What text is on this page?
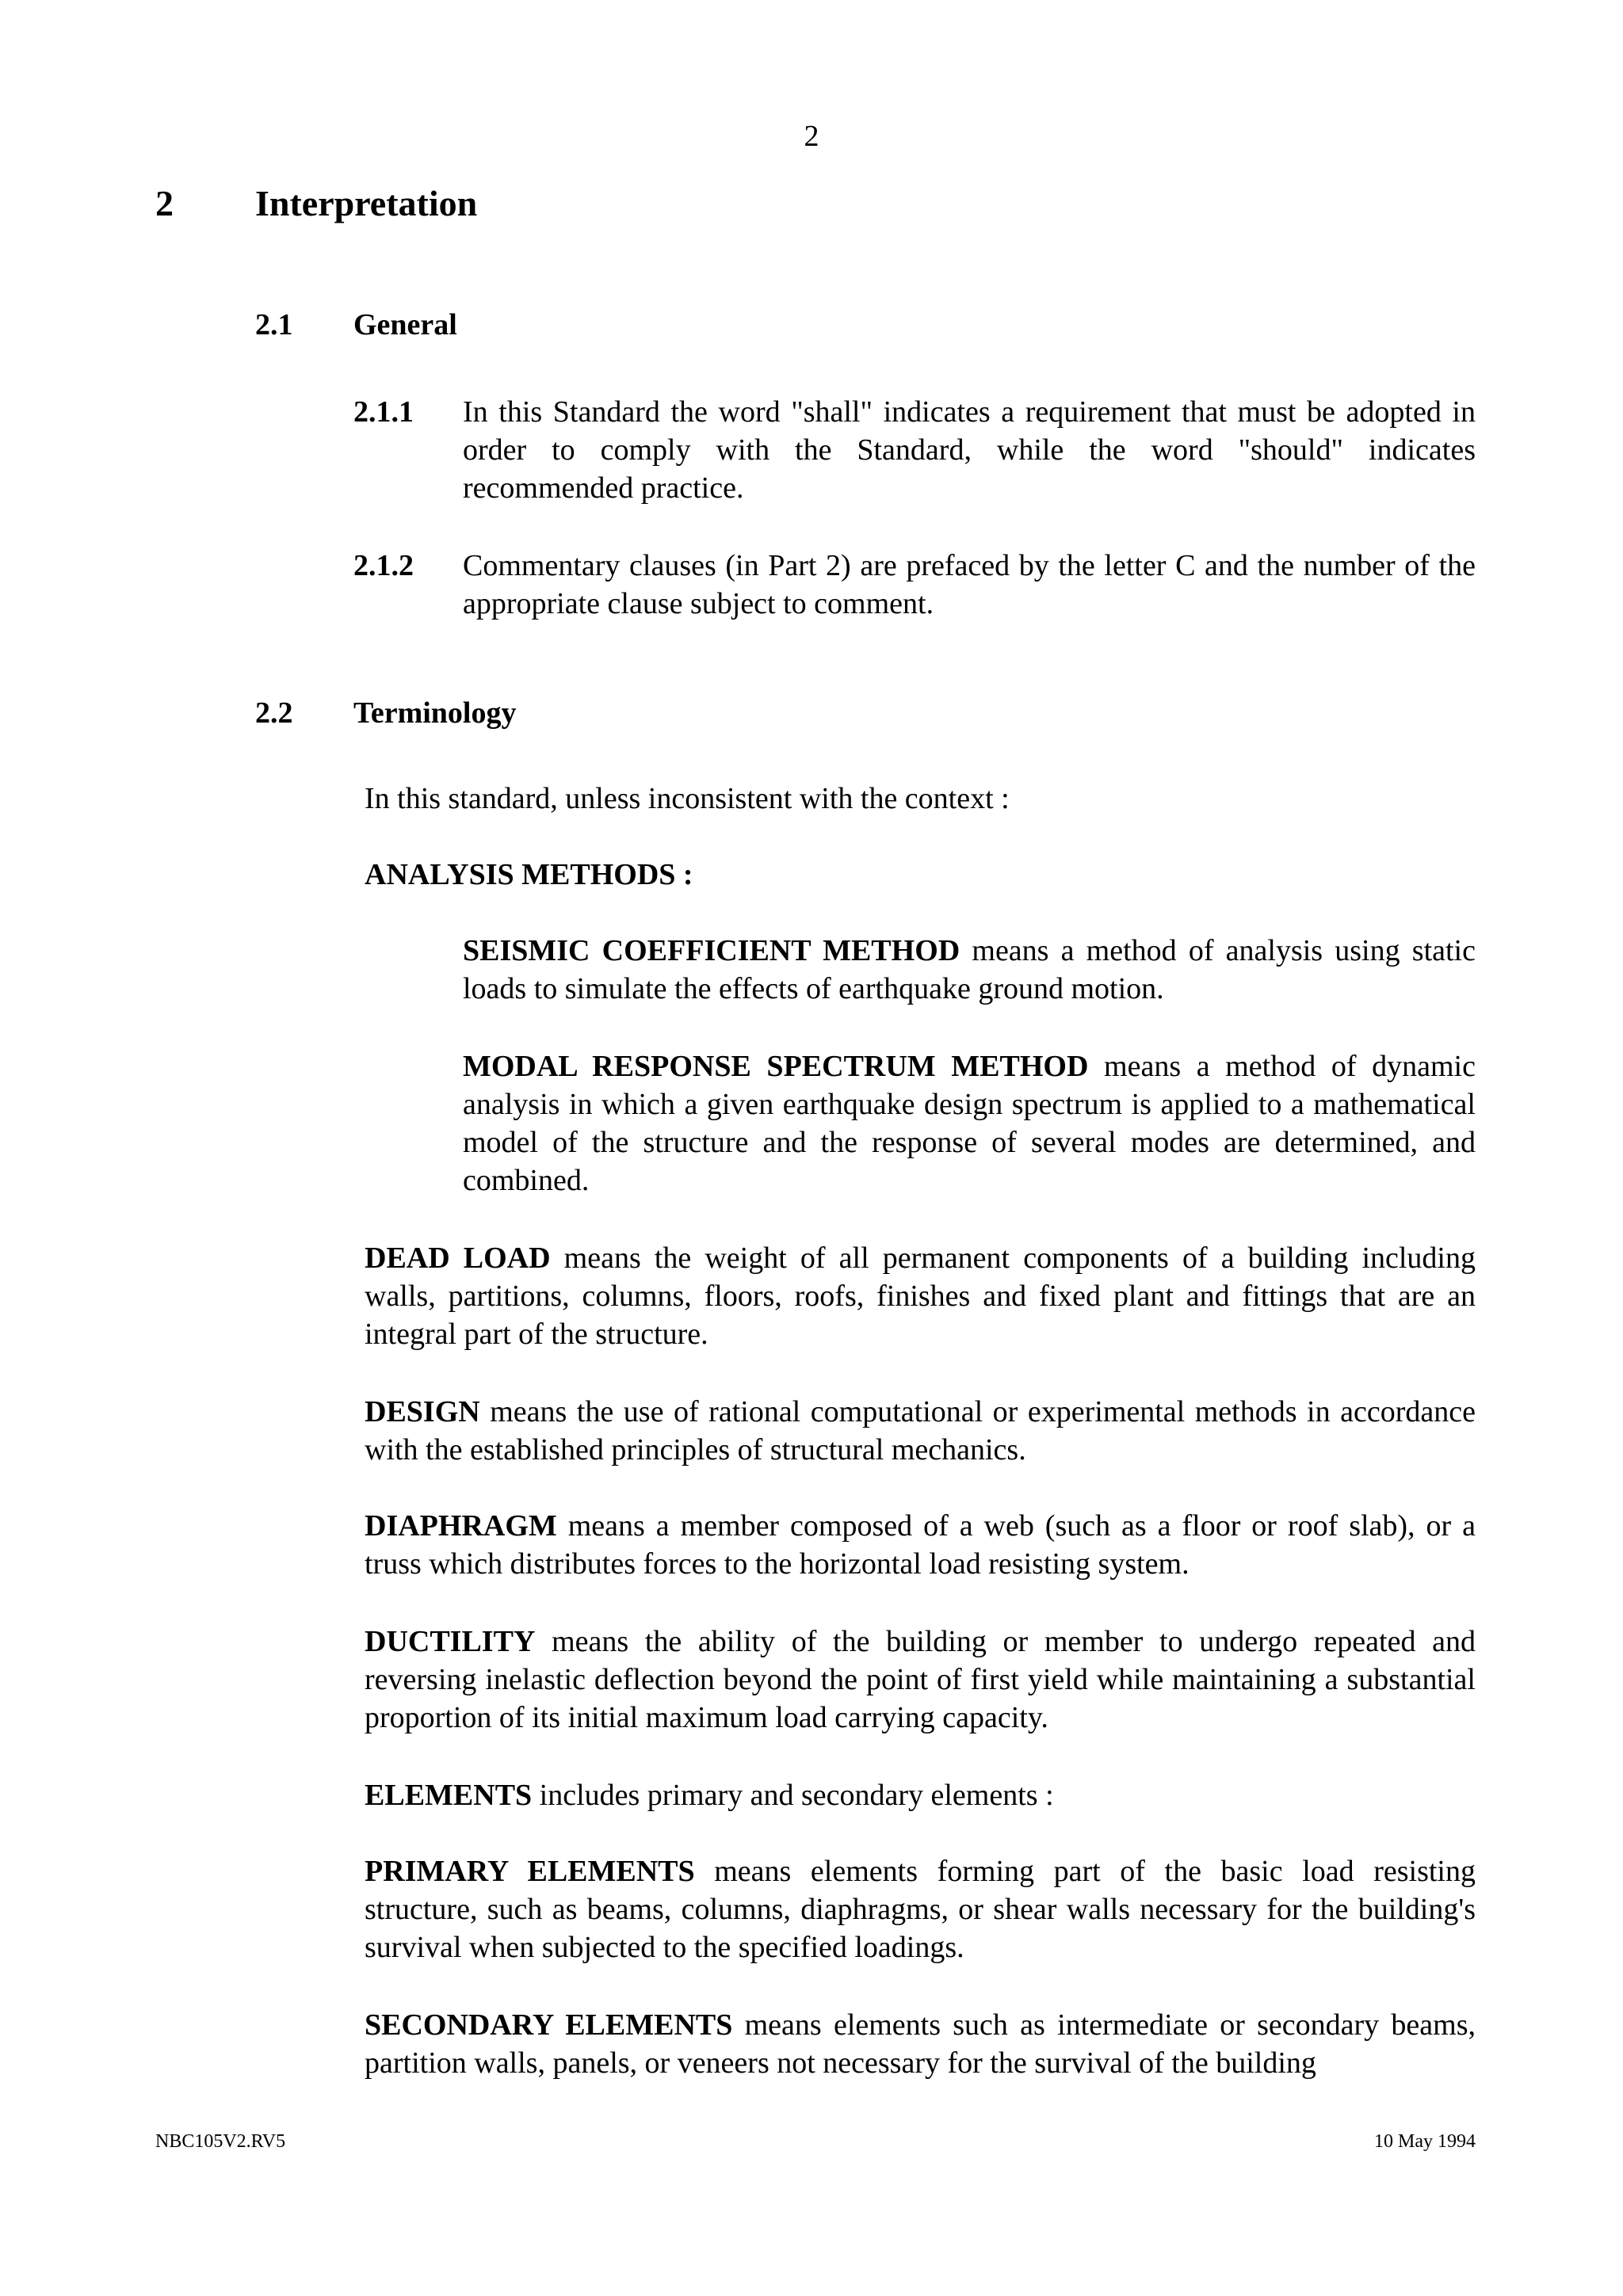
2
2 Interpretation
2.1 General
2.1.1 In this Standard the word "shall" indicates a requirement that must be adopted in order to comply with the Standard, while the word "should" indicates recommended practice.

2.1.2 Commentary clauses (in Part 2) are prefaced by the letter C and the number of the appropriate clause subject to comment.

2.2 Terminology

In this standard, unless inconsistent with the context :

ANALYSIS METHODS :

SEISMIC COEFFICIENT METHOD means a method of analysis using static loads to simulate the effects of earthquake ground motion.

MODAL RESPONSE SPECTRUM METHOD means a method of dynamic analysis in which a given earthquake design spectrum is applied to a mathematical model of the structure and the response of several modes are determined, and combined.

DEAD LOAD means the weight of all permanent components of a building including walls, partitions, columns, floors, roofs, finishes and fixed plant and fittings that are an integral part of the structure.

DESIGN means the use of rational computational or experimental methods in accordance with the established principles of structural mechanics.

DIAPHRAGM means a member composed of a web (such as a floor or roof slab), or a truss which distributes forces to the horizontal load resisting system.

DUCTILITY means the ability of the building or member to undergo repeated and reversing inelastic deflection beyond the point of first yield while maintaining a substantial proportion of its initial maximum load carrying capacity.

ELEMENTS includes primary and secondary elements :

PRIMARY ELEMENTS means elements forming part of the basic load resisting structure, such as beams, columns, diaphragms, or shear walls necessary for the building's survival when subjected to the specified loadings.

SECONDARY ELEMENTS means elements such as intermediate or secondary beams, partition walls, panels, or veneers not necessary for the survival of the building

NBC105V2.RV5	10 May 1994
